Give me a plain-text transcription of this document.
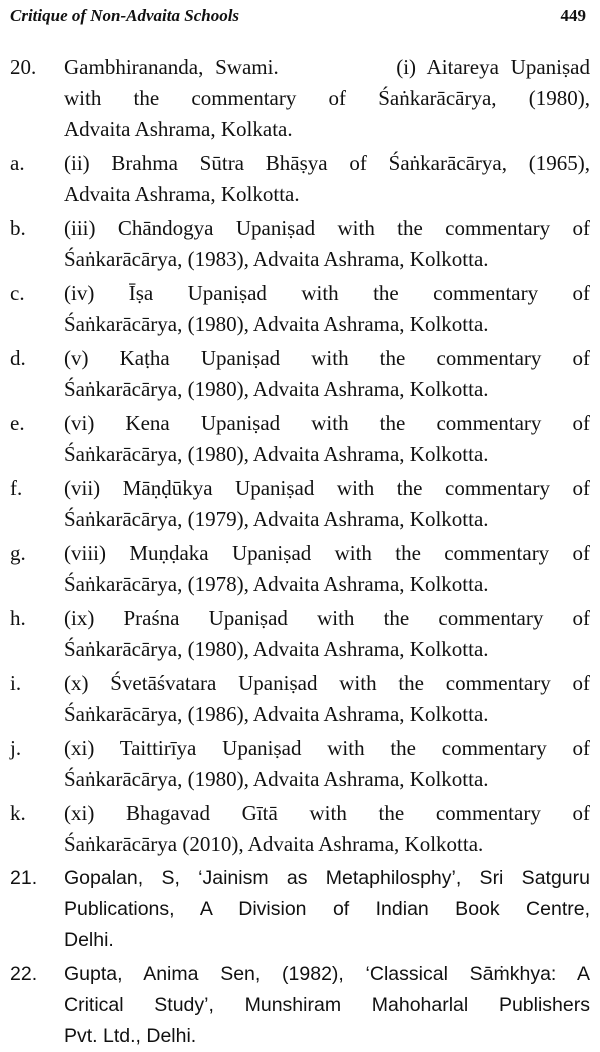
Critique of Non-Advaita Schools	449
20.	Gambhirananda, Swami.          (i) Aitareya Upaniṣad
with the commentary of Śaṅkarācārya, (1980),
Advaita Ashrama, Kolkata.
a.	(ii) Brahma Sūtra Bhāṣya of Śaṅkarācārya, (1965),
Advaita Ashrama, Kolkotta.
b.	(iii) Chāndogya Upaniṣad with the commentary of
Śaṅkarācārya, (1983), Advaita Ashrama, Kolkotta.
c.	(iv) Īṣa Upaniṣad with the commentary of
Śaṅkarācārya, (1980), Advaita Ashrama, Kolkotta.
d.	(v) Kaṭha Upaniṣad with the commentary of
Śaṅkarācārya, (1980), Advaita Ashrama, Kolkotta.
e.	(vi) Kena Upaniṣad with the commentary of
Śaṅkarācārya, (1980), Advaita Ashrama, Kolkotta.
f.	(vii) Māṇḍūkya Upaniṣad with the commentary of
Śaṅkarācārya, (1979), Advaita Ashrama, Kolkotta.
g.	(viii) Muṇḍaka Upaniṣad with the commentary of
Śaṅkarācārya, (1978), Advaita Ashrama, Kolkotta.
h.	(ix) Praśna Upaniṣad with the commentary of
Śaṅkarācārya, (1980), Advaita Ashrama, Kolkotta.
i.	(x) Śvetāśvatara Upaniṣad with the commentary of
Śaṅkarācārya, (1986), Advaita Ashrama, Kolkotta.
j.	(xi) Taittirīya Upaniṣad with the commentary of
Śaṅkarācārya, (1980), Advaita Ashrama, Kolkotta.
k.	(xi) Bhagavad Gītā with the commentary of
Śaṅkarācārya (2010), Advaita Ashrama, Kolkotta.
21.	Gopalan, S, ‘Jainism as Metaphilosphy’, Sri Satguru
Publications, A Division of Indian Book Centre,
Delhi.
22.	Gupta, Anima Sen, (1982), ‘Classical Sāṁkhya: A
Critical Study’, Munshiram Mahoharlal Publishers
Pvt. Ltd., Delhi.
